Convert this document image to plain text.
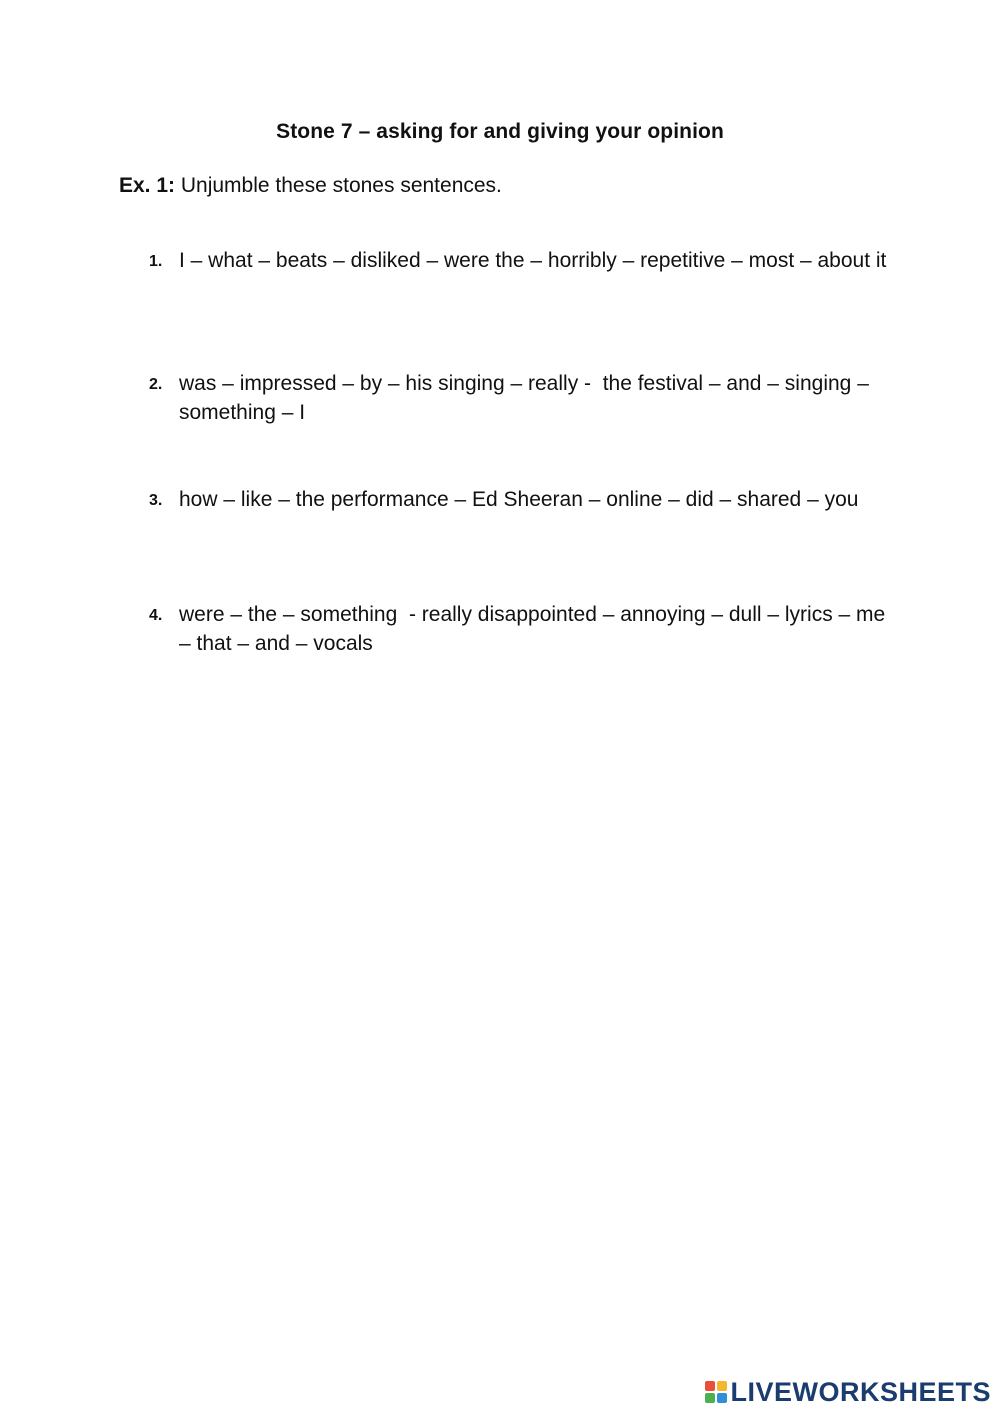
Stone 7 – asking for and giving your opinion
Ex. 1: Unjumble these stones sentences.
1. I – what – beats – disliked – were the – horribly – repetitive – most – about it
2. was – impressed – by – his singing – really -  the festival – and – singing – something – I
3. how – like – the performance – Ed Sheeran – online – did – shared – you
4. were – the – something  - really disappointed – annoying – dull – lyrics – me – that – and – vocals
LIVEWORKSHEETS
